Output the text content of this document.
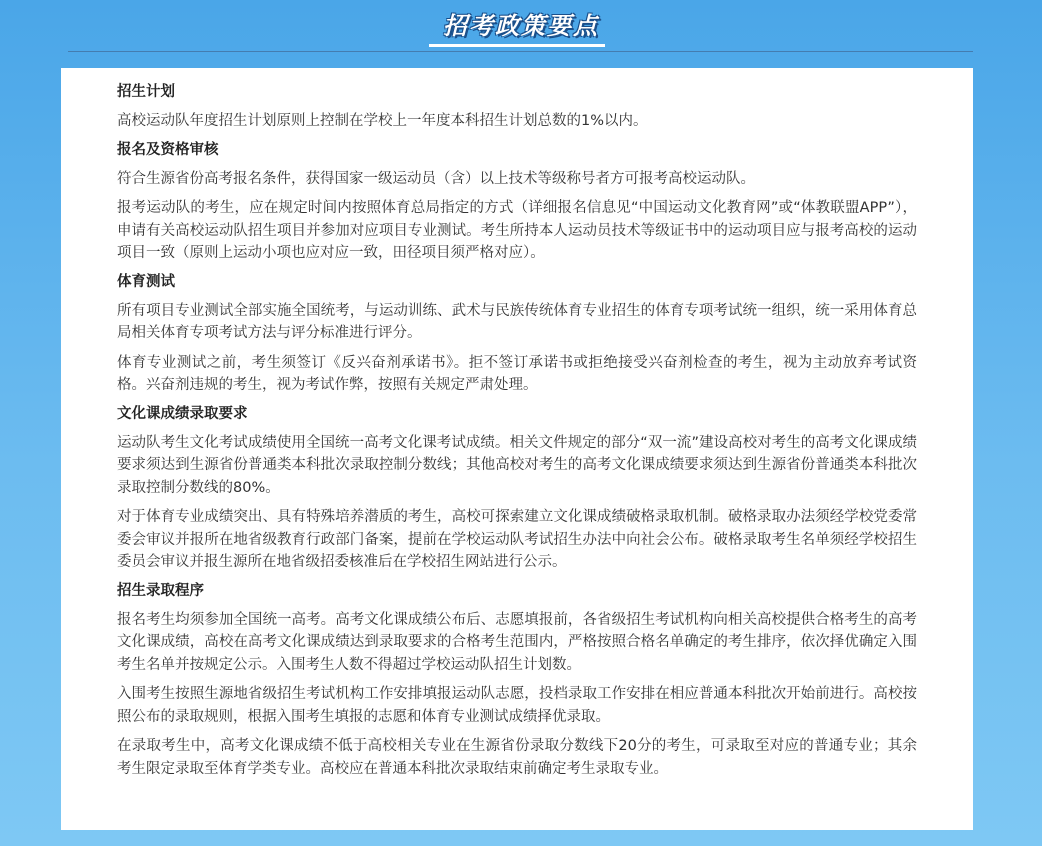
招考政策要点
招生计划

高校运动队年度招生计划原则上控制在学校上一年度本科招生计划总数的1%以内。

报名及资格审核

符合生源省份高考报名条件，获得国家一级运动员（含）以上技术等级称号者方可报考高校运动队。

报考运动队的考生，应在规定时间内按照体育总局指定的方式（详细报名信息见“中国运动文化教育网”或“体教联盟APP”），申请有关高校运动队招生项目并参加对应项目专业测试。考生所持本人运动员技术等级证书中的运动项目应与报考高校的运动项目一致（原则上运动小项也应对应一致，田径项目须严格对应）。

体育测试

所有项目专业测试全部实施全国统考，与运动训练、武术与民族传统体育专业招生的体育专项考试统一组织，统一采用体育总局相关体育专项考试方法与评分标准进行评分。

体育专业测试之前，考生须签订《反兴奋剂承诺书》。拒不签订承诺书或拒绝接受兴奋剂检查的考生，视为主动放弃考试资格。兴奋剂违规的考生，视为考试作弊，按照有关规定严肃处理。

文化课成绩录取要求

运动队考生文化考试成绩使用全国统一高考文化课考试成绩。相关文件规定的部分“双一流”建设高校对考生的高考文化课成绩要求须达到生源省份普通类本科批次录取控制分数线；其他高校对考生的高考文化课成绩要求须达到生源省份普通类本科批次录取控制分数线的80%。

对于体育专业成绩突出、具有特殊培养潜质的考生，高校可探索建立文化课成绩破格录取机制。破格录取办法须经学校党委常委会审议并报所在地省级教育行政部门备案，提前在学校运动队考试招生办法中向社会公布。破格录取考生名单须经学校招生委员会审议并报生源所在地省级招委核准后在学校招生网站进行公示。

招生录取程序

报名考生均须参加全国统一高考。高考文化课成绩公布后、志愿填报前，各省级招生考试机构向相关高校提供合格考生的高考文化课成绩，高校在高考文化课成绩达到录取要求的合格考生范围内，严格按照合格名单确定的考生排序，依次择优确定入围考生名单并按规定公示。入围考生人数不得超过学校运动队招生计划数。

入围考生按照生源地省级招生考试机构工作安排填报运动队志愿，投档录取工作安排在相应普通本科批次开始前进行。高校按照公布的录取规则，根据入围考生填报的志愿和体育专业测试成绩择优录取。

在录取考生中，高考文化课成绩不低于高校相关专业在生源省份录取分数线下20分的考生，可录取至对应的普通专业；其余考生限定录取至体育学类专业。高校应在普通本科批次录取结束前确定考生录取专业。
